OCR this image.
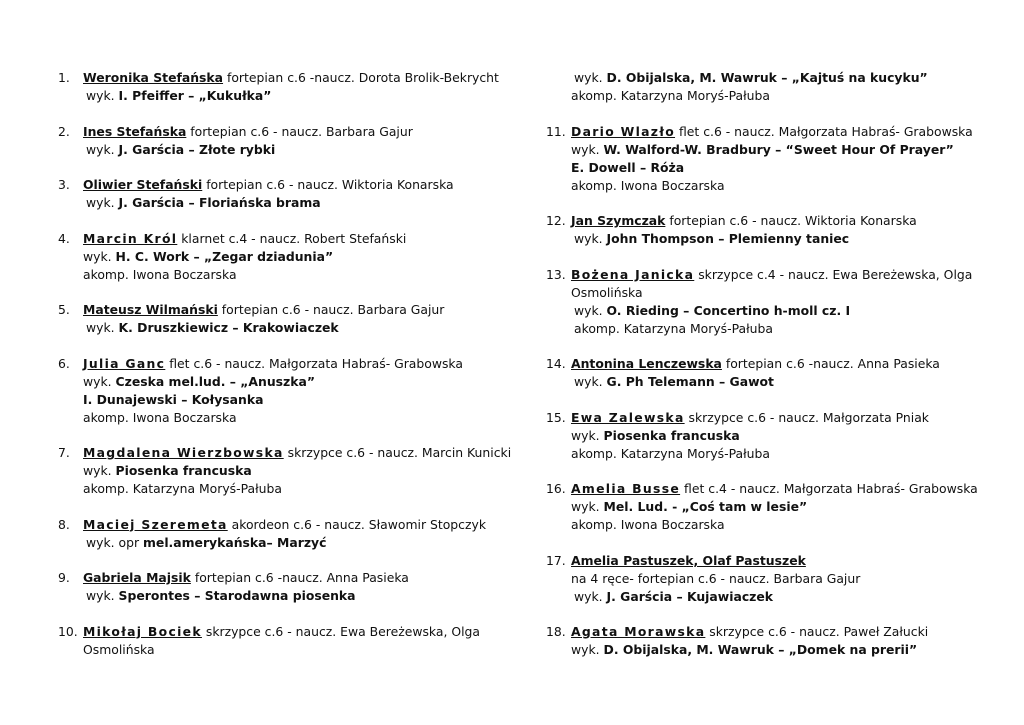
1. Weronika Stefańska fortepian c.6 -naucz. Dorota Brolik-Bekrycht
wyk. I. Pfeiffer – „Kukułka”
2. Ines Stefańska fortepian c.6 - naucz. Barbara Gajur
wyk. J. Garścia – Złote rybki
3. Oliwier Stefański fortepian c.6 - naucz. Wiktoria Konarska
wyk. J. Garścia – Floriańska brama
4. Marcin Król klarnet c.4 - naucz. Robert Stefański
wyk. H. C. Work – „Zegar dziadunia”
akomp. Iwona Boczarska
5. Mateusz Wilmański fortepian c.6 - naucz. Barbara Gajur
wyk. K. Druszkiewicz – Krakowiaczek
6. Julia Ganc flet c.6 - naucz. Małgorzata Habraś- Grabowska
wyk. Czeska mel.lud. – „Anuszka”
I. Dunajewski – Kołysanka
akomp. Iwona Boczarska
7. Magdalena Wierzbowska skrzypce c.6 - naucz. Marcin Kunicki
wyk. Piosenka francuska
akomp. Katarzyna Moryś-Pałuba
8. Maciej Szeremeta akordeon c.6 - naucz. Sławomir Stopczyk
wyk. opr mel.amerykańska– Marzyć
9. Gabriela Majsik fortepian c.6 -naucz. Anna Pasieka
wyk. Sperontes – Starodawna piosenka
10. Mikołaj Bociek skrzypce c.6 - naucz. Ewa Bereżewska, Olga
Osmolińska
wyk. D. Obijalska, M. Wawruk – „Kajtuś na kucyku”
akomp. Katarzyna Moryś-Pałuba
11. Dario Wlazło flet c.6 - naucz. Małgorzata Habraś- Grabowska
wyk. W. Walford-W. Bradbury – “Sweet Hour Of Prayer”
E. Dowell – Róża
akomp. Iwona Boczarska
12. Jan Szymczak fortepian c.6 - naucz. Wiktoria Konarska
wyk. John Thompson – Plemienny taniec
13. Bożena Janicka skrzypce c.4 - naucz. Ewa Bereżewska, Olga
Osmolińska
wyk. O. Rieding – Concertino h-moll cz. I
akomp. Katarzyna Moryś-Pałuba
14. Antonina Lenczewska fortepian c.6 -naucz. Anna Pasieka
wyk. G. Ph Telemann – Gawot
15. Ewa Zalewska skrzypce c.6 - naucz. Małgorzata Pniak
wyk. Piosenka francuska
akomp. Katarzyna Moryś-Pałuba
16. Amelia Busse flet c.4 - naucz. Małgorzata Habraś- Grabowska
wyk. Mel. Lud. - „Coś tam w lesie”
akomp. Iwona Boczarska
17. Amelia Pastuszek, Olaf Pastuszek
na 4 ręce- fortepian c.6 - naucz. Barbara Gajur
wyk. J. Garścia – Kujawiaczek
18. Agata Morawska skrzypce c.6 - naucz. Paweł Załucki
wyk. D. Obijalska, M. Wawruk – „Domek na prerii”
